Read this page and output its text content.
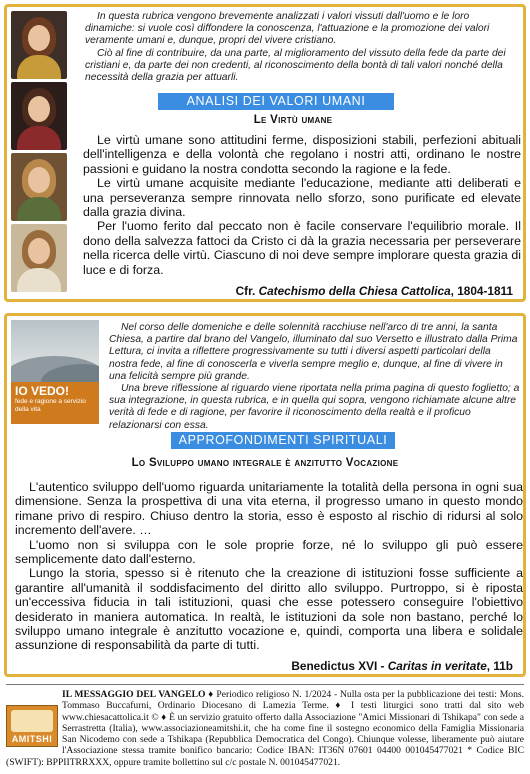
In questa rubrica vengono brevemente analizzati i valori vissuti dall'uomo e le loro dinamiche: si vuole così diffondere la conoscenza, l'attuazione e la promozione dei valori veramente umani e, dunque, propri del vivere cristiano.

Ciò al fine di contribuire, da una parte, al miglioramento del vissuto della fede da parte dei cristiani e, da parte dei non credenti, al riconoscimento della bontà di tali valori nonché della necessità della grazia per attuarli.

ANALISI DEI VALORI UMANI
Le Virtù umane

Le virtù umane sono attitudini ferme, disposizioni stabili, perfezioni abituali dell'intelligenza e della volontà che regolano i nostri atti, ordinano le nostre passioni e guidano la nostra condotta secondo la ragione e la fede.

Le virtù umane acquisite mediante l'educazione, mediante atti deliberati e una perseveranza sempre rinnovata nello sforzo, sono purificate ed elevate dalla grazia divina.

Per l'uomo ferito dal peccato non è facile conservare l'equilibrio morale. Il dono della salvezza fattoci da Cristo ci dà la grazia necessaria per perseverare nella ricerca delle virtù. Ciascuno di noi deve sempre implorare questa grazia di luce e di forza.

Cfr. Catechismo della Chiesa Cattolica, 1804-1811
IO VEDO!
fede e ragione a servizio della vita

Nel corso delle domeniche e delle solennità racchiuse nell'arco di tre anni, la santa Chiesa, a partire dal brano del Vangelo, illuminato dal suo Versetto e illustrato dalla Prima Lettura, ci invita a riflettere progressivamente su tutti i diversi aspetti particolari della nostra fede, al fine di conoscerla e viverla sempre meglio e, dunque, al fine di vivere in una felicità sempre più grande.

Una breve riflessione al riguardo viene riportata nella prima pagina di questo foglietto; a sua integrazione, in questa rubrica, e in quella qui sopra, vengono richiamate alcune altre verità di fede e di ragione, per favorire il riconoscimento della realtà e il proficuo relazionarsi con essa.

APPROFONDIMENTI SPIRITUALI
Lo Sviluppo umano integrale è anzitutto Vocazione

L'autentico sviluppo dell'uomo riguarda unitariamente la totalità della persona in ogni sua dimensione. Senza la prospettiva di una vita eterna, il progresso umano in questo mondo rimane privo di respiro. Chiuso dentro la storia, esso è esposto al rischio di ridursi al solo incremento dell'avere. …

L'uomo non si sviluppa con le sole proprie forze, né lo sviluppo gli può essere semplicemente dato dall'esterno.

Lungo la storia, spesso si è ritenuto che la creazione di istituzioni fosse sufficiente a garantire all'umanità il soddisfacimento del diritto allo sviluppo. Purtroppo, si è riposta un'eccessiva fiducia in tali istituzioni, quasi che esse potessero conseguire l'obiettivo desiderato in maniera automatica. In realtà, le istituzioni da sole non bastano, perché lo sviluppo umano integrale è anzitutto vocazione e, quindi, comporta una libera e solidale assunzione di responsabilità da parte di tutti.

Benedictus XVI - Caritas in veritate, 11b
AMITSHI
IL MESSAGGIO DEL VANGELO ♦ Periodico religioso N. 1/2024 - Nulla osta per la pubblicazione dei testi: Mons. Tommaso Buccafurni, Ordinario Diocesano di Lamezia Terme. ♦ I testi liturgici sono tratti dal sito web www.chiesacattolica.it © ♦ È un servizio gratuito offerto dalla Associazione "Amici Missionari di Tshikapa" con sede a Serrastretta (Italia), www.associazioneamitshi.it, che ha come fine il sostegno economico della Famiglia Missionaria San Nicodemo con sede a Tshikapa (Repubblica Democratica del Congo). Chiunque volesse, liberamente può aiutare l'Associazione stessa tramite bonifico bancario: Codice IBAN: IT36N 07601 04400 001045477021 * Codice BIC (SWIFT): BPPIITRRXXX, oppure tramite bollettino sul c/c postale N. 001045477021.
